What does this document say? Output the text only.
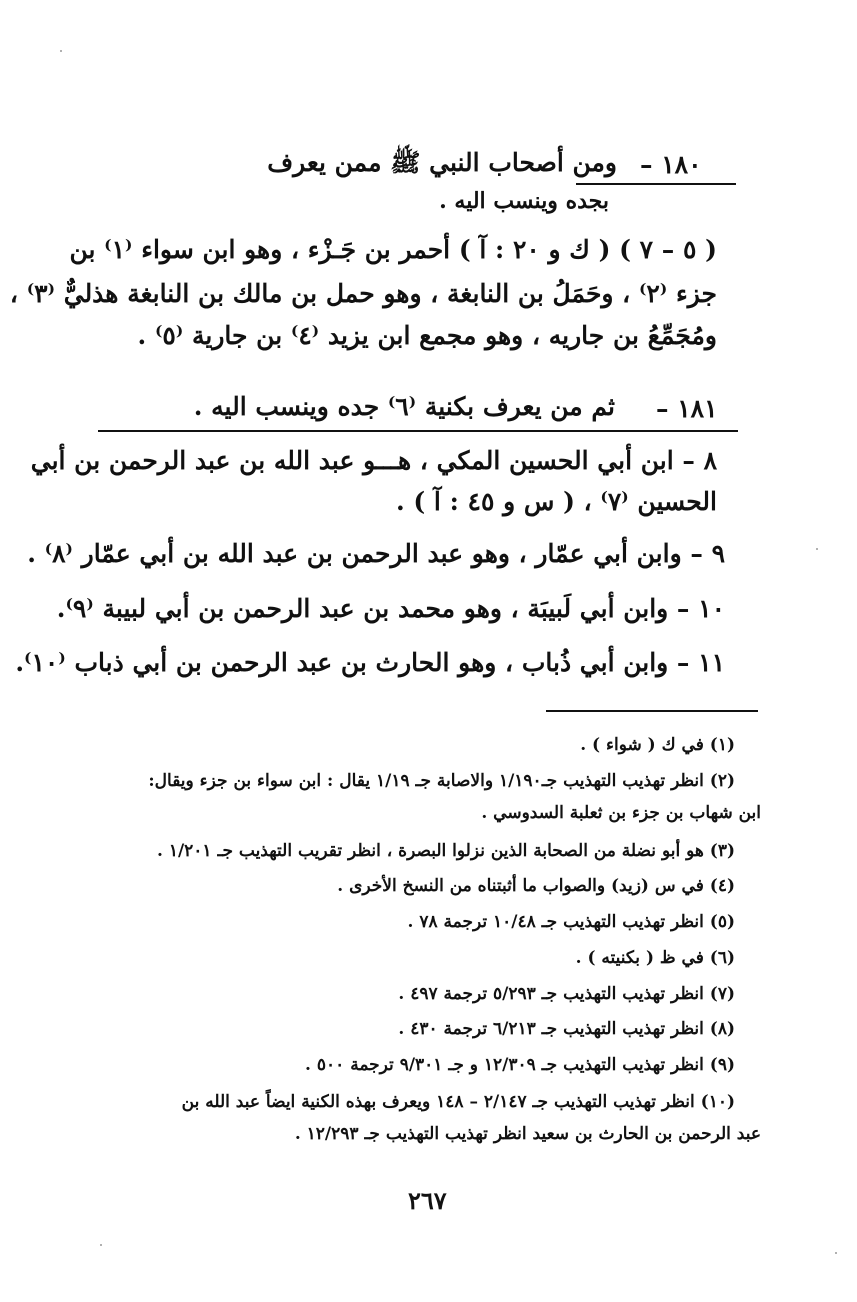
١٨٠ –
ومن أصحاب النبي ﷺ ممن يعرف
بجده وينسب اليه .
( ٥ – ٧ ) ( ك و ٢٠ : آ ) أحمر بن جَـزْء ، وهو ابن سواء ⁽١⁾ بن
جزء ⁽٢⁾ ، وحَمَلُ بن النابغة ، وهو حمل بن مالك بن النابغة هذليٌّ ⁽٣⁾ ،
ومُجَمِّعُ بن جاريه ، وهو مجمع ابن يزيد ⁽٤⁾ بن جارية ⁽٥⁾ .
١٨١ –
ثم من يعرف بكنية ⁽٦⁾ جده وينسب اليه .
٨ – ابن أبي الحسين المكي ، هـــو عبد الله بن عبد الرحمن بن أبي
الحسين ⁽٧⁾ ، ( س و ٤٥ : آ ) .
٩ – وابن أبي عمّار ، وهو عبد الرحمن بن عبد الله بن أبي عمّار ⁽٨⁾ .
١٠ – وابن أبي لَبيبَة ، وهو محمد بن عبد الرحمن بن أبي لبيبة ⁽٩⁾.
١١ – وابن أبي ذُباب ، وهو الحارث بن عبد الرحمن بن أبي ذباب ⁽١٠⁾.
(١) في ك ( شواء ) .
(٢) انظر تهذيب التهذيب جـ١/١٩٠ والاصابة جـ ١/١٩ يقال : ابن سواء بن جزء ويقال:
ابن شهاب بن جزء بن ثعلبة السدوسي .
(٣) هو أبو نضلة من الصحابة الذين نزلوا البصرة ، انظر تقريب التهذيب جـ ١/٢٠١ .
(٤) في س (زيد) والصواب ما أثبتناه من النسخ الأخرى .
(٥) انظر تهذيب التهذيب جـ ١٠/٤٨ ترجمة ٧٨ .
(٦) في ظ ( بكنيته ) .
(٧) انظر تهذيب التهذيب جـ ٥/٢٩٣ ترجمة ٤٩٧ .
(٨) انظر تهذيب التهذيب جـ ٦/٢١٣ ترجمة ٤٣٠ .
(٩) انظر تهذيب التهذيب جـ ١٢/٣٠٩ و جـ ٩/٣٠١ ترجمة ٥٠٠ .
(١٠) انظر تهذيب التهذيب جـ ٢/١٤٧ – ١٤٨ ويعرف بهذه الكنية ايضاً عبد الله بن
عبد الرحمن بن الحارث بن سعيد انظر تهذيب التهذيب جـ ١٢/٢٩٣ .
٢٦٧
